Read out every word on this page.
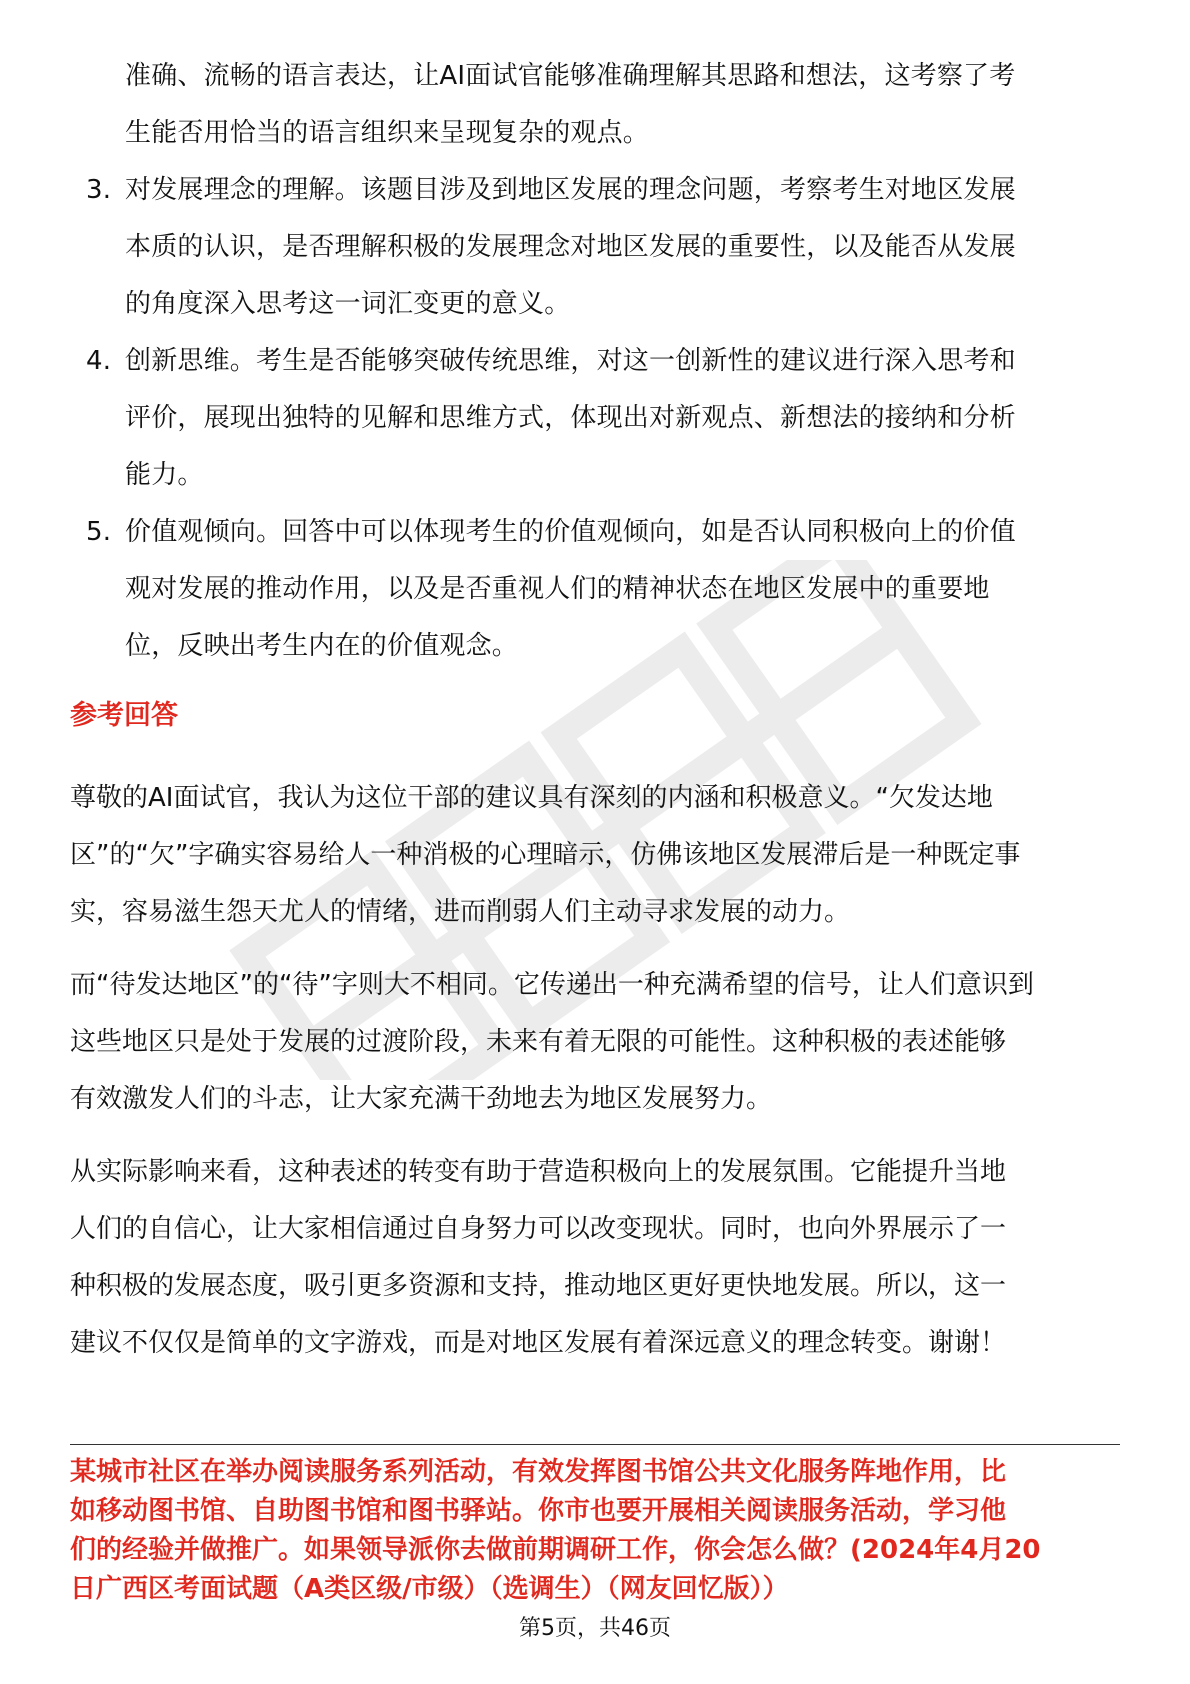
准确、流畅的语言表达，让AI面试官能够准确理解其思路和想法，这考察了考
生能否用恰当的语言组织来呈现复杂的观点。
3. 对发展理念的理解。该题目涉及到地区发展的理念问题，考察考生对地区发展
本质的认识，是否理解积极的发展理念对地区发展的重要性，以及能否从发展
的角度深入思考这一词汇变更的意义。
4. 创新思维。考生是否能够突破传统思维，对这一创新性的建议进行深入思考和
评价，展现出独特的见解和思维方式，体现出对新观点、新想法的接纳和分析
能力。
5. 价值观倾向。回答中可以体现考生的价值观倾向，如是否认同积极向上的价值
观对发展的推动作用，以及是否重视人们的精神状态在地区发展中的重要地
位，反映出考生内在的价值观念。
参考回答
尊敬的AI面试官，我认为这位干部的建议具有深刻的内涵和积极意义。“欠发达地
区”的“欠”字确实容易给人一种消极的心理暗示，仿佛该地区发展滞后是一种既定事
实，容易滋生怨天尤人的情绪，进而削弱人们主动寻求发展的动力。
而“待发达地区”的“待”字则大不相同。它传递出一种充满希望的信号，让人们意识到
这些地区只是处于发展的过渡阶段，未来有着无限的可能性。这种积极的表述能够
有效激发人们的斗志，让大家充满干劲地去为地区发展努力。
从实际影响来看，这种表述的转变有助于营造积极向上的发展氛围。它能提升当地
人们的自信心，让大家相信通过自身努力可以改变现状。同时，也向外界展示了一
种积极的发展态度，吸引更多资源和支持，推动地区更好更快地发展。所以，这一
建议不仅仅是简单的文字游戏，而是对地区发展有着深远意义的理念转变。谢谢！
某城市社区在举办阅读服务系列活动，有效发挥图书馆公共文化服务阵地作用，比
如移动图书馆、自助图书馆和图书驿站。你市也要开展相关阅读服务活动，学习他
们的经验并做推广。如果领导派你去做前期调研工作，你会怎么做？(2024年4月20
日广西区考面试题（A类区级/市级）（选调生）（网友回忆版））
第5页，共46页
